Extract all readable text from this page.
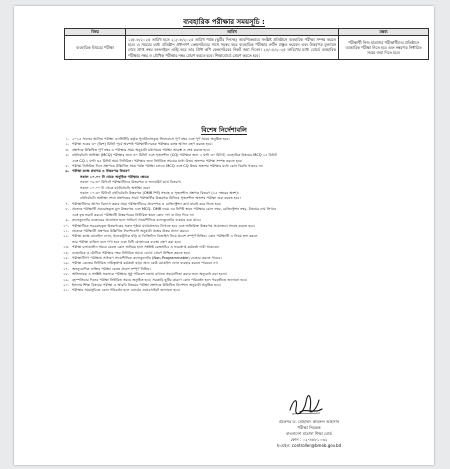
ব্যবহারিক পরীক্ষার সময়সূচি :
বিষয়	তারিখ	মন্তব্য
ব্যবহারিক বিষয়ের পরীক্ষা	১৫/০৮/২০২৫ তারিখ হতে ২১/০৮/২০২৫ তারিখ পর্যন্ত (ছুটির দিনসহ) আবশ্যিকভাবে সংশ্লিষ্ট প্রতিষ্ঠানে ব্যবহারিক পরীক্ষা সম্পন্ন করতে হবে। এ সময়ের মধ্যে প্রতিষ্ঠান প্রধানগণ কেন্দ্রসচিবের সাথে সমন্বয় করে ব্যবহারিক পরীক্ষার রুটিন প্রস্তুত করবেন এবং উত্তরপত্র মূল্যায়ন শেষে প্রাপ্ত নম্বর অনলাইনে এন্ট্রি করে তার প্রিন্ট কপি কেন্দ্রসচিবের নিকট জমা দিবেন। ২৪/০৮/২০২৫ তারিখের মধ্যে বোর্ডে ব্যবহারিক পরীক্ষার নম্বর ও মৌখিক পরীক্ষার নম্বর প্রেরণ করতে হবে। শিক্ষাবোর্ডে প্রেরণ করতে হবে।	পরীক্ষার্থী নিজ মাদ্রাসার পরীক্ষার্থীদের প্রতিষ্ঠানে ব্যবহারিক পরীক্ষা নিতে হবে এবং নম্বরপত্র নির্ধারিত সময়ে জমা দিতে হবে।
বিশেষ নির্দেশাবলি
১. ২০২৫ সালের আলিম পরীক্ষা এনসিটিবি কর্তৃক পুনর্বিন্যাসকৃত সিলেবাসে পূর্ণ নম্বর এবং পূর্ণ সময়ে অনুষ্ঠিত হবে।
২. পরীক্ষা শুরুর ৩০ (ত্রিশ) মিনিট পূর্বে অবশ্যই পরীক্ষার্থীদেরকে পরীক্ষার কক্ষে আসন গ্রহণ করতে হবে।
৩. প্রশ্নপত্রে উল্লিখিত পূর্ণ নম্বর ও পরীক্ষার সময় অনুযায়ী যথাসময়ে পরীক্ষা আরম্ভ ও শেষ করতে হবে।
৪. বহুনির্বাচনি অভীক্ষা (MCQ) পরীক্ষার জন্য ৩০ মিনিট এবং সৃজনশীল (CQ) পরীক্ষার জন্য ২ ঘণ্টা ৩০ মিনিট, ব্যবহারিক বিষয়ের MCQ ২৫ মিনিট
এবং CQ ২ ঘণ্টা ৩৫ মিনিট সময় নির্ধারিত। পরীক্ষার জন্য নির্ধারিত সময়ের মধ্যে উভয় অংশের পরীক্ষা সম্পন্ন করতে হবে।
৫. পরীক্ষা নির্ধারিত দিনে প্রশ্নপত্রে উল্লিখিত সময় পর্যন্ত পরীক্ষা চলবে। MCQ এবং CQ উভয় অংশের পরীক্ষার মধ্যে কোন বিরতি থাকবে না।
৬. পরীক্ষা কক্ষে প্রশ্নপত্র ও উত্তরপত্র বিতরণ
সকাল ১০.০০ টা থেকে অনুষ্ঠিত পরীক্ষার ক্ষেত্রে
সকাল ০৯.৩০ মিনিটে পরীক্ষার্থীদের উত্তরপত্র ও অ্যাডমিট কার্ড বিতরণ।
সকাল ১০.০০ টা থেকে বহুনির্বাচনি অভীক্ষা শুরু।
সকাল ১০.৩০ মিনিটে বহুনির্বাচনি উত্তরপত্র (OMR শিট) সংগ্রহ ও সৃজনশীল প্রশ্নপত্র বিতরণ (২৫ নম্বরের অংশ)।
বহুনির্বাচনি অভীক্ষা শেষে প্রশ্নপত্রের সাথে পরীক্ষার্থীর উত্তরপত্র মিলিয়ে সৃজনশীল অংশের পরীক্ষা শুরু করতে হবে।
৭. পরীক্ষার্থীদের আসন বিন্যাস করার সময় পরীক্ষার্থীদের প্রবেশপত্র ও রেজিস্ট্রেশন কার্ড যাচাই করে নিতে হবে।
৮. প্রত্যেক পরীক্ষার্থী সরবরাহকৃত মূল উত্তরপত্র এবং MCQ- OMR ফরম এর নির্দিষ্ট স্থানে পরীক্ষার রোল নম্বর, রেজিস্ট্রেশন নম্বর, বিষয়ের নাম লিখবে
এবং বৃত্ত ভরাট করবে। পরীক্ষার্থী উত্তরপত্রের নির্ধারিত স্থানে কোন দাগ বা চিহ্ন দিবে না।
৯. ক্যালকুলেটর ব্যবহারের প্রয়োজন হলে সাধারণ সায়েন্টিফিক ক্যালকুলেটর ব্যবহার করা যাবে।
১০. পরীক্ষার্থীকে সরবরাহকৃত উত্তরপত্রের সকল পৃষ্ঠায় যথাযথভাবে লিখতে হবে এবং অতিরিক্ত উত্তরপত্র প্রয়োজনে সংগ্রহ করতে হবে।
১১. প্রত্যেক পরীক্ষার্থী প্রশ্নপত্রে উল্লিখিত নির্দেশাবলী অনুযায়ী প্রশ্নের উত্তর প্রদান করবে।
১২. পরীক্ষা কক্ষে মোবাইল ফোন, ইলেকট্রনিক ঘড়ি বা ডিজিটাল ডিভাইস নিয়ে প্রবেশ সম্পূর্ণ নিষিদ্ধ। কোন পরীক্ষার্থী এ নিয়ম ভঙ্গ করলে
তার পরীক্ষা বাতিল বলে গণ্য হবে এবং বিধি মোতাবেক ব্যবস্থা গ্রহণ করা হবে।
১৩. পরীক্ষা চলাকালীন সময়ে কেন্দ্রে কোন অনিয়ম হলে সংশ্লিষ্ট কেন্দ্রসচিব ও ভারপ্রাপ্ত কর্মকর্তা দায়ী থাকবেন।
১৪. ব্যবহারিক ও মৌখিক পরীক্ষার নম্বর নির্ধারিত সময়ে বোর্ডে প্রেরণ নিশ্চিত করতে হবে।
১৫. পরীক্ষার্থীগণ পরীক্ষায় সাধারণ সায়েন্টিফিক ক্যালকুলেটর (Non-Programmable) ব্যবহার করতে পারবে।
১৬. পরীক্ষা কেন্দ্রের নির্ধারিত দায়িত্বপ্রাপ্ত কর্মকর্তা ছাড়া অন্য কেউ মোবাইল ফোন ব্যবহার করতে পারবেন না।
১৭. অননুমোদিত ব্যক্তির পরীক্ষা কেন্দ্রে প্রবেশ সম্পূর্ণ নিষিদ্ধ।
১৮. অভিভাবক ও সংশ্লিষ্ট সকলকে পরীক্ষার সুষ্ঠু পরিবেশ বজায় রাখতে সহযোগিতা করার জন্য অনুরোধ করা হলো।
১৯. বৃহস্পতিবার দিনের পরীক্ষা নির্ধারিত সময়ে অনুষ্ঠিত হবে; সরকারি ছুটির কারণে কোন পরিবর্তন হলে পরবর্তীতে জানানো হবে।
২০. ইসলাম শিক্ষা বিষয়ের পরীক্ষা ও আরবি বিষয়ের পরীক্ষা প্রশ্নপত্রে উল্লিখিত নির্দেশনা অনুযায়ী অনুষ্ঠিত হবে।
২১. পরীক্ষার সময়সূচিতে কোন পরিবর্তন হলে বোর্ডের ওয়েবসাইটে জানানো হবে।
প্রফেসর ড. মোহাম্মদ কামরুল আহসান
পরীক্ষা নিয়ন্ত্রক
বাংলাদেশ মাদ্রাসা শিক্ষা বোর্ড
ফোন : ০২-৪৮৮১০৩২
ই-মেইল: controller@bmeb.gov.bd
